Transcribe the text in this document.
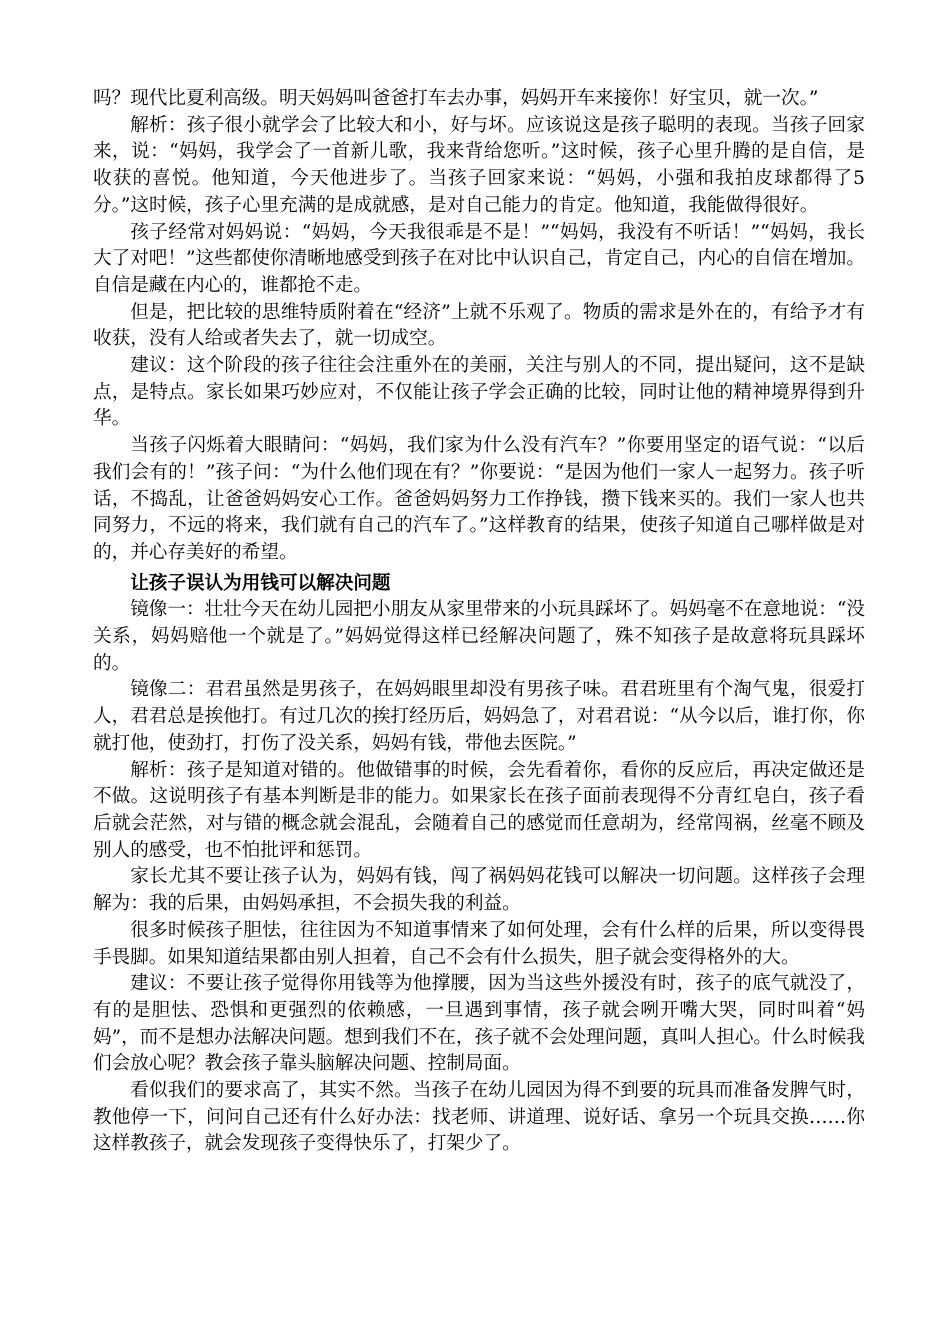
吗？现代比夏利高级。明天妈妈叫爸爸打车去办事，妈妈开车来接你！好宝贝，就一次。”

解析：孩子很小就学会了比较大和小，好与坏。应该说这是孩子聪明的表现。当孩子回家来，说：“妈妈，我学会了一首新儿歌，我来背给您听。”这时候，孩子心里升腾的是自信，是收获的喜悦。他知道，今天他进步了。当孩子回家来说：“妈妈，小强和我拍皮球都得了5分。”这时候，孩子心里充满的是成就感，是对自己能力的肯定。他知道，我能做得很好。

孩子经常对妈妈说：“妈妈，今天我很乖是不是！”“妈妈，我没有不听话！”“妈妈，我长大了对吧！”这些都使你清晰地感受到孩子在对比中认识自己，肯定自己，内心的自信在增加。自信是藏在内心的，谁都抢不走。

但是，把比较的思维特质附着在“经济”上就不乐观了。物质的需求是外在的，有给予才有收获，没有人给或者失去了，就一切成空。

建议：这个阶段的孩子往往会注重外在的美丽，关注与别人的不同，提出疑问，这不是缺点，是特点。家长如果巧妙应对，不仅能让孩子学会正确的比较，同时让他的精神境界得到升华。

当孩子闪烁着大眼睛问：“妈妈，我们家为什么没有汽车？”你要用坚定的语气说：“以后我们会有的！”孩子问：“为什么他们现在有？”你要说：“是因为他们一家人一起努力。孩子听话，不捣乱，让爸爸妈妈安心工作。爸爸妈妈努力工作挣钱，攒下钱来买的。我们一家人也共同努力，不远的将来，我们就有自己的汽车了。”这样教育的结果，使孩子知道自己哪样做是对的，并心存美好的希望。

让孩子误认为用钱可以解决问题

镜像一：壮壮今天在幼儿园把小朋友从家里带来的小玩具踩坏了。妈妈毫不在意地说：“没关系，妈妈赔他一个就是了。”妈妈觉得这样已经解决问题了，殊不知孩子是故意将玩具踩坏的。

镜像二：君君虽然是男孩子，在妈妈眼里却没有男孩子味。君君班里有个淘气鬼，很爱打人，君君总是挨他打。有过几次的挨打经历后，妈妈急了，对君君说：“从今以后，谁打你，你就打他，使劲打，打伤了没关系，妈妈有钱，带他去医院。”

解析：孩子是知道对错的。他做错事的时候，会先看着你，看你的反应后，再决定做还是不做。这说明孩子有基本判断是非的能力。如果家长在孩子面前表现得不分青红皂白，孩子看后就会茫然，对与错的概念就会混乱，会随着自己的感觉而任意胡为，经常闯祸，丝毫不顾及别人的感受，也不怕批评和惩罚。

家长尤其不要让孩子认为，妈妈有钱，闯了祸妈妈花钱可以解决一切问题。这样孩子会理解为：我的后果，由妈妈承担，不会损失我的利益。

很多时候孩子胆怯，往往因为不知道事情来了如何处理，会有什么样的后果，所以变得畏手畏脚。如果知道结果都由别人担着，自己不会有什么损失，胆子就会变得格外的大。

建议：不要让孩子觉得你用钱等为他撑腰，因为当这些外援没有时，孩子的底气就没了，有的是胆怯、恐惧和更强烈的依赖感，一旦遇到事情，孩子就会咧开嘴大哭，同时叫着“妈妈”，而不是想办法解决问题。想到我们不在，孩子就不会处理问题，真叫人担心。什么时候我们会放心呢？教会孩子靠头脑解决问题、控制局面。

看似我们的要求高了，其实不然。当孩子在幼儿园因为得不到要的玩具而准备发脾气时，教他停一下，问问自己还有什么好办法：找老师、讲道理、说好话、拿另一个玩具交换……你这样教孩子，就会发现孩子变得快乐了，打架少了。
